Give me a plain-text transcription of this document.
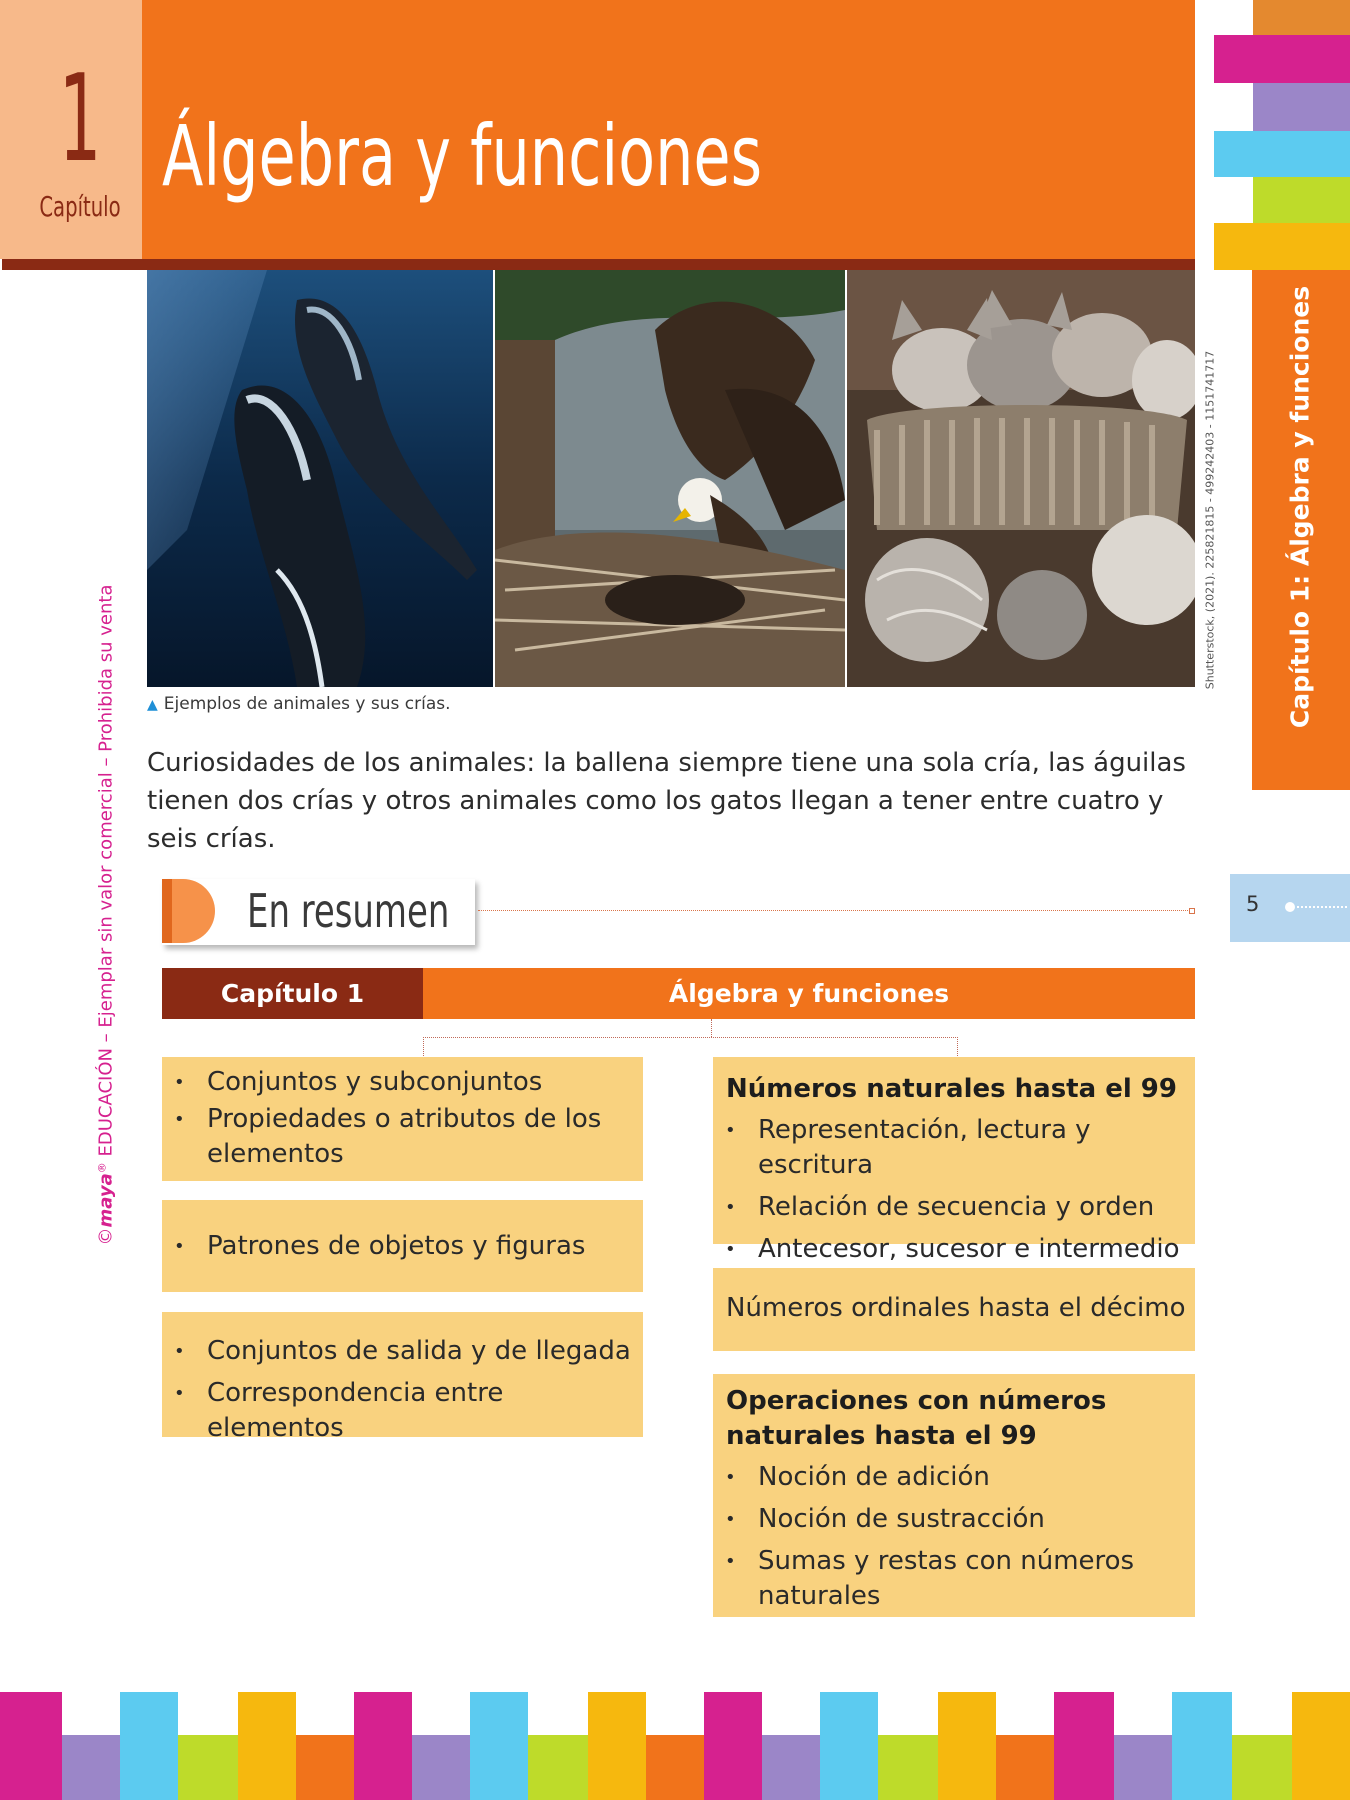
1
Capítulo
Álgebra y funciones
▲ Ejemplos de animales y sus crías.
Curiosidades de los animales: la ballena siempre tiene una sola cría, las águilas tienen dos crías y otros animales como los gatos llegan a tener entre cuatro y seis crías.
Capítulo 1: Álgebra y funciones
Shutterstock, (2021). 225821815 - 499242403 - 1151741717
5
©maya® EDUCACIÓN – Ejemplar sin valor comercial – Prohibida su venta	En resumen
Capítulo 1	Álgebra y funciones
• Conjuntos y subconjuntos
• Propiedades o atributos de los elementos
• Patrones de objetos y figuras
• Conjuntos de salida y de llegada
• Correspondencia entre elementos
Números naturales hasta el 99
• Representación, lectura y escritura
• Relación de secuencia y orden
• Antecesor, sucesor e intermedio
Números ordinales hasta el décimo
Operaciones con números naturales hasta el 99
• Noción de adición
• Noción de sustracción
• Sumas y restas con números naturales
